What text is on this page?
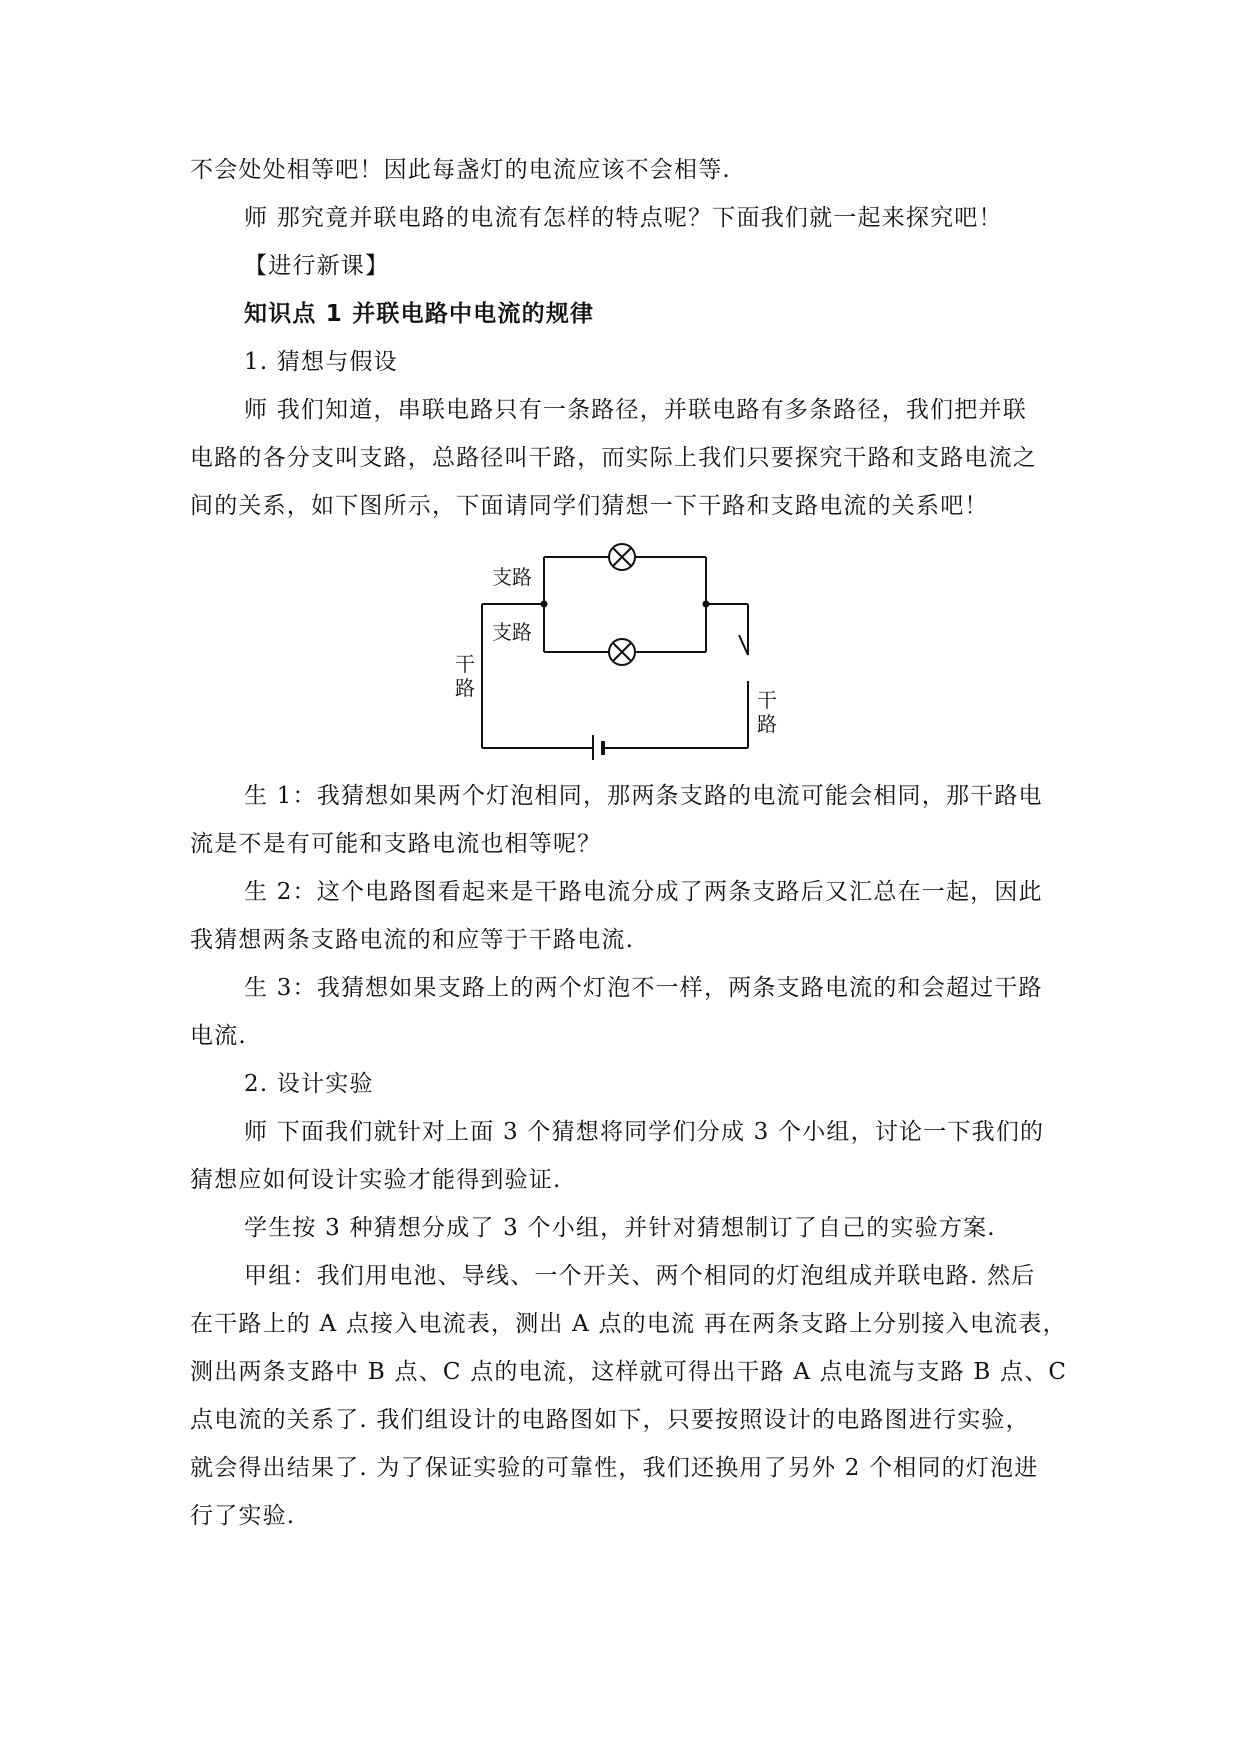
不会处处相等吧！因此每盏灯的电流应该不会相等.

师 那究竟并联电路的电流有怎样的特点呢？下面我们就一起来探究吧！

【进行新课】

知识点 1 并联电路中电流的规律

1. 猜想与假设

师 我们知道，串联电路只有一条路径，并联电路有多条路径，我们把并联
电路的各分支叫支路，总路径叫干路，而实际上我们只要探究干路和支路电流之
间的关系，如下图所示，下面请同学们猜想一下干路和支路电流的关系吧！

支路
支路
干
路	干
路

生 1：我猜想如果两个灯泡相同，那两条支路的电流可能会相同，那干路电
流是不是有可能和支路电流也相等呢？

生 2：这个电路图看起来是干路电流分成了两条支路后又汇总在一起，因此
我猜想两条支路电流的和应等于干路电流.

生 3：我猜想如果支路上的两个灯泡不一样，两条支路电流的和会超过干路
电流.

2. 设计实验

师 下面我们就针对上面 3 个猜想将同学们分成 3 个小组，讨论一下我们的
猜想应如何设计实验才能得到验证.

学生按 3 种猜想分成了 3 个小组，并针对猜想制订了自己的实验方案.

甲组：我们用电池、导线、一个开关、两个相同的灯泡组成并联电路. 然后
在干路上的 A 点接入电流表，测出 A 点的电流 再在两条支路上分别接入电流表，
测出两条支路中 B 点、C 点的电流，这样就可得出干路 A 点电流与支路 B 点、C
点电流的关系了. 我们组设计的电路图如下，只要按照设计的电路图进行实验，
就会得出结果了. 为了保证实验的可靠性，我们还换用了另外 2 个相同的灯泡进
行了实验.
